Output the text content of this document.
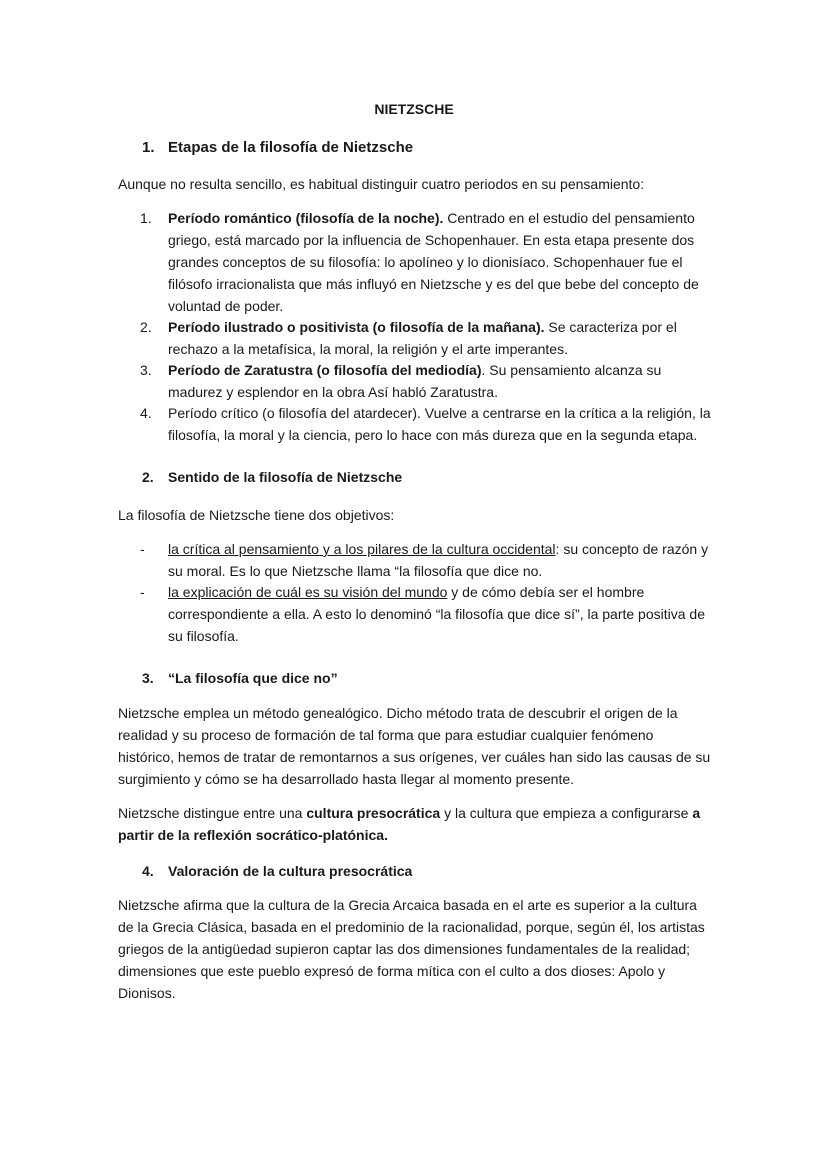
NIETZSCHE
1. Etapas de la filosofía de Nietzsche
Aunque no resulta sencillo, es habitual distinguir cuatro periodos en su pensamiento:
1.	Período romántico (filosofía de la noche). Centrado en el estudio del pensamiento griego, está marcado por la influencia de Schopenhauer. En esta etapa presente dos grandes conceptos de su filosofía: lo apolíneo y lo dionisíaco. Schopenhauer fue el filósofo irracionalista que más influyó en Nietzsche y es del que bebe del concepto de voluntad de poder.
2.	Período ilustrado o positivista (o filosofía de la mañana). Se caracteriza por el rechazo a la metafísica, la moral, la religión y el arte imperantes.
3.	Período de Zaratustra (o filosofía del mediodía). Su pensamiento alcanza su madurez y esplendor en la obra Así habló Zaratustra.
4.	Período crítico (o filosofía del atardecer). Vuelve a centrarse en la crítica a la religión, la filosofía, la moral y la ciencia, pero lo hace con más dureza que en la segunda etapa.
2. Sentido de la filosofía de Nietzsche
La filosofía de Nietzsche tiene dos objetivos:
-	la crítica al pensamiento y a los pilares de la cultura occidental: su concepto de razón y su moral. Es lo que Nietzsche llama “la filosofía que dice no.
-	la explicación de cuál es su visión del mundo y de cómo debía ser el hombre correspondiente a ella. A esto lo denominó “la filosofía que dice sí”, la parte positiva de su filosofía.
3. “La filosofía que dice no”
Nietzsche emplea un método genealógico. Dicho método trata de descubrir el origen de la realidad y su proceso de formación de tal forma que para estudiar cualquier fenómeno histórico, hemos de tratar de remontarnos a sus orígenes, ver cuáles han sido las causas de su surgimiento y cómo se ha desarrollado hasta llegar al momento presente.
Nietzsche distingue entre una cultura presocrática y la cultura que empieza a configurarse a partir de la reflexión socrático-platónica.
4. Valoración de la cultura presocrática
Nietzsche afirma que la cultura de la Grecia Arcaica basada en el arte es superior a la cultura de la Grecia Clásica, basada en el predominio de la racionalidad, porque, según él, los artistas griegos de la antigüedad supieron captar las dos dimensiones fundamentales de la realidad; dimensiones que este pueblo expresó de forma mítica con el culto a dos dioses: Apolo y Dionisos.
